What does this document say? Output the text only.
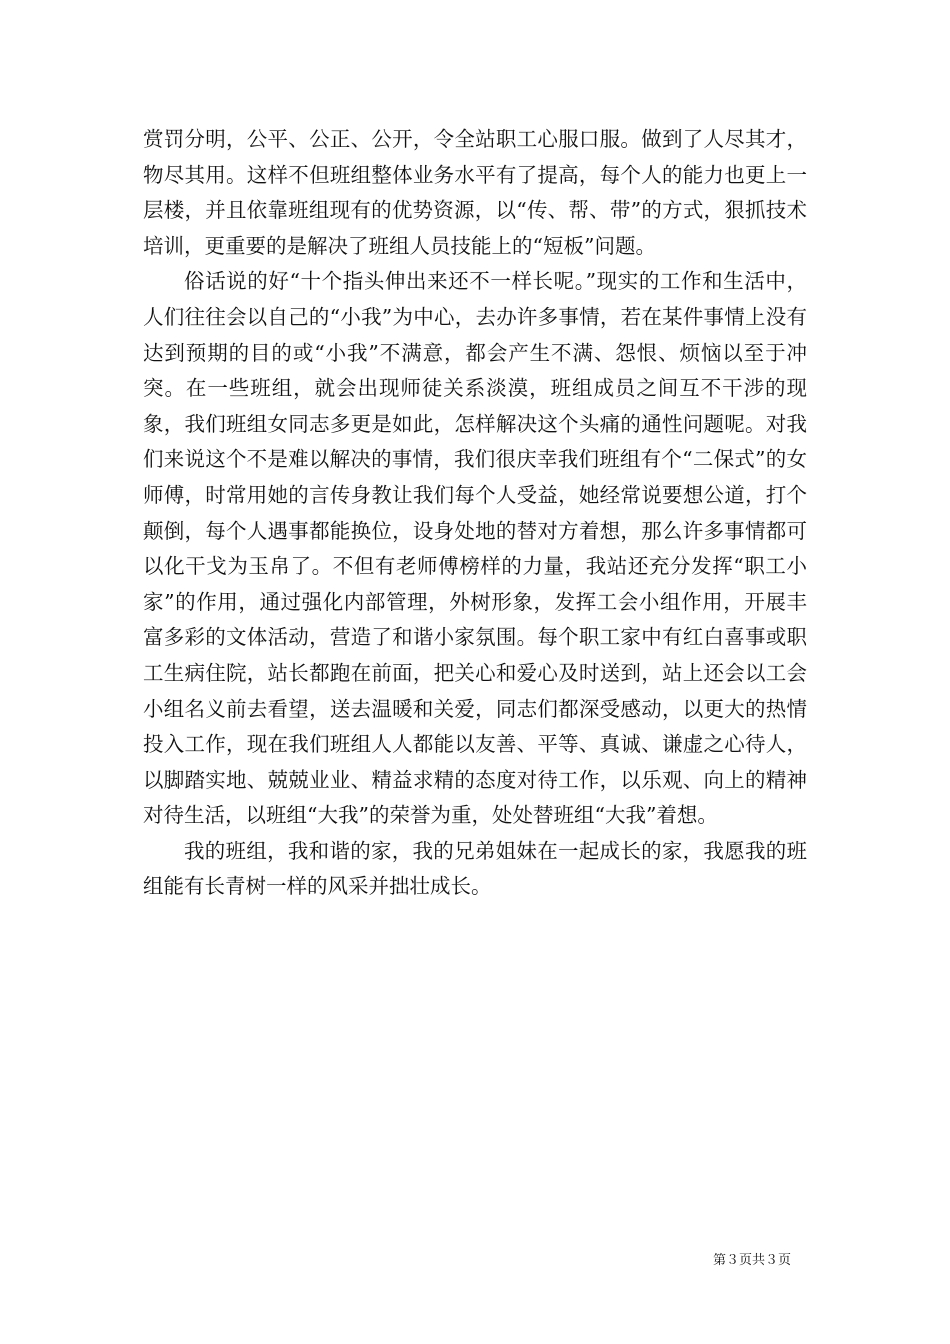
赏罚分明，公平、公正、公开，令全站职工心服口服。做到了人尽其才，物尽其用。这样不但班组整体业务水平有了提高，每个人的能力也更上一层楼，并且依靠班组现有的优势资源，以“传、帮、带”的方式，狠抓技术培训，更重要的是解决了班组人员技能上的“短板”问题。

俗话说的好“十个指头伸出来还不一样长呢。”现实的工作和生活中，人们往往会以自己的“小我”为中心，去办许多事情，若在某件事情上没有达到预期的目的或“小我”不满意，都会产生不满、怨恨、烦恼以至于冲突。在一些班组，就会出现师徒关系淡漠，班组成员之间互不干涉的现象，我们班组女同志多更是如此，怎样解决这个头痛的通性问题呢。对我们来说这个不是难以解决的事情，我们很庆幸我们班组有个“二保式”的女师傅，时常用她的言传身教让我们每个人受益，她经常说要想公道，打个颠倒，每个人遇事都能换位，设身处地的替对方着想，那么许多事情都可以化干戈为玉帛了。不但有老师傅榜样的力量，我站还充分发挥“职工小家”的作用，通过强化内部管理，外树形象，发挥工会小组作用，开展丰富多彩的文体活动，营造了和谐小家氛围。每个职工家中有红白喜事或职工生病住院，站长都跑在前面，把关心和爱心及时送到，站上还会以工会小组名义前去看望，送去温暖和关爱，同志们都深受感动，以更大的热情投入工作，现在我们班组人人都能以友善、平等、真诚、谦虚之心待人，以脚踏实地、兢兢业业、精益求精的态度对待工作，以乐观、向上的精神对待生活，以班组“大我”的荣誉为重，处处替班组“大我”着想。

我的班组，我和谐的家，我的兄弟姐妹在一起成长的家，我愿我的班组能有长青树一样的风采并拙壮成长。

第３页共３页
